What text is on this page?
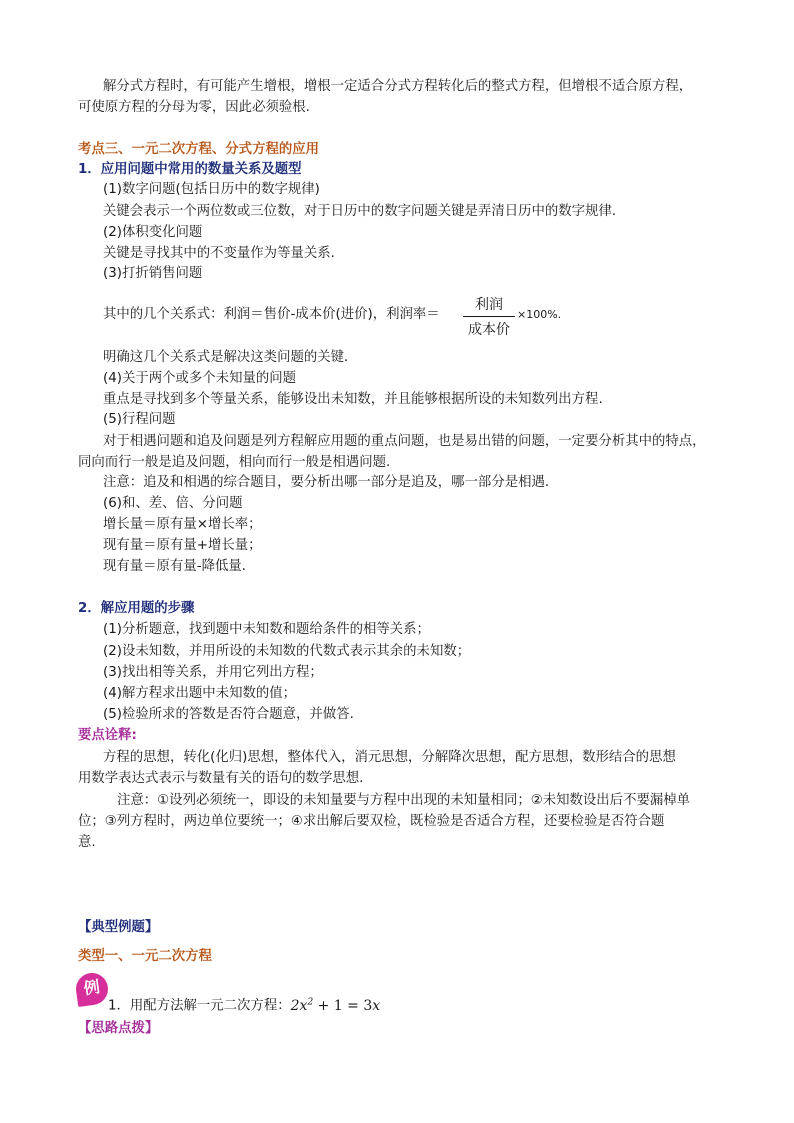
解分式方程时，有可能产生增根，增根一定适合分式方程转化后的整式方程，但增根不适合原方程，
可使原方程的分母为零，因此必须验根.
考点三、一元二次方程、分式方程的应用
1．应用问题中常用的数量关系及题型
(1)数字问题(包括日历中的数字规律)
关键会表示一个两位数或三位数，对于日历中的数字问题关键是弄清日历中的数字规律．
(2)体积变化问题
关键是寻找其中的不变量作为等量关系.
(3)打折销售问题
其中的几个关系式：利润＝售价-成本价(进价)，利润率＝
利润
成本价
×100%.
明确这几个关系式是解决这类问题的关键．
(4)关于两个或多个未知量的问题
重点是寻找到多个等量关系，能够设出未知数，并且能够根据所设的未知数列出方程.
(5)行程问题
对于相遇问题和追及问题是列方程解应用题的重点问题，也是易出错的问题，一定要分析其中的特点，
同向而行一般是追及问题，相向而行一般是相遇问题.
注意：追及和相遇的综合题目，要分析出哪一部分是追及，哪一部分是相遇.
(6)和、差、倍、分问题
增长量＝原有量×增长率；
现有量＝原有量+增长量；
现有量＝原有量-降低量．
2．解应用题的步骤
(1)分析题意，找到题中未知数和题给条件的相等关系；
(2)设未知数，并用所设的未知数的代数式表示其余的未知数；
(3)找出相等关系，并用它列出方程；
(4)解方程求出题中未知数的值；
(5)检验所求的答数是否符合题意，并做答.
要点诠释:
方程的思想，转化(化归)思想，整体代入，消元思想，分解降次思想，配方思想，数形结合的思想
用数学表达式表示与数量有关的语句的数学思想．
注意：①设列必须统一，即设的未知量要与方程中出现的未知量相同；②未知数设出后不要漏棹单
位；③列方程时，两边单位要统一；④求出解后要双检，既检验是否适合方程，还要检验是否符合题
意.
【典型例题】
类型一、一元二次方程
例
1．用配方法解一元二次方程：$2x^2 + 1 = 3x$
【思路点拨】
